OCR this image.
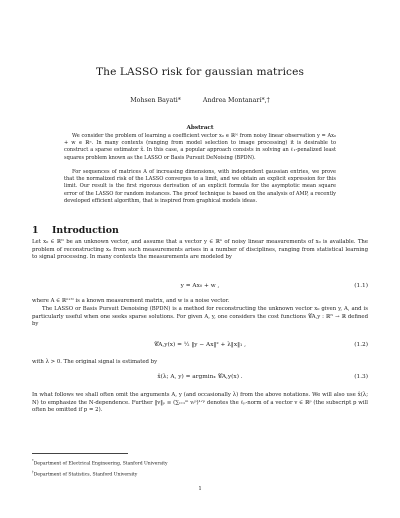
The LASSO risk for gaussian matrices
Mohsen Bayati*	Andrea Montanari*,†
Abstract
We consider the problem of learning a coefficient vector x₀ ∈ ℝᴺ from noisy linear observation y = Ax₀ + w ∈ ℝⁿ. In many contexts (ranging from model selection to image processing) it is desirable to construct a sparse estimator x̂. In this case, a popular approach consists in solving an ℓ₁-penalized least squares problem known as the LASSO or Basis Pursuit DeNoising (BPDN).
For sequences of matrices A of increasing dimensions, with independent gaussian entries, we prove that the normalized risk of the LASSO converges to a limit, and we obtain an explicit expression for this limit. Our result is the first rigorous derivation of an explicit formula for the asymptotic mean square error of the LASSO for random instances. The proof technique is based on the analysis of AMP, a recently developed efficient algorithm, that is inspired from graphical models ideas.
1 Introduction
Let x₀ ∈ ℝᴺ be an unknown vector, and assume that a vector y ∈ ℝⁿ of noisy linear measurements of x₀ is available. The problem of reconstructing x₀ from such measurements arises in a number of disciplines, ranging from statistical learning to signal processing. In many contexts the measurements are modeled by
y = Ax₀ + w ,	(1.1)
where A ∈ ℝⁿˣᴺ is a known measurement matrix, and w is a noise vector.
The LASSO or Basis Pursuit Denoising (BPDN) is a method for reconstructing the unknown vector x₀ given y, A, and is particularly useful when one seeks sparse solutions. For given A, y, one considers the cost functions 𝒞A,y : ℝᴺ → ℝ defined by
𝒞A,y(x) = ½ ‖y − Ax‖² + λ‖x‖₁ ,	(1.2)
with λ > 0. The original signal is estimated by
x̂(λ; A, y) = argminₓ 𝒞A,y(x) .	(1.3)
In what follows we shall often omit the arguments A, y (and occasionally λ) from the above notations. We will also use x̂(λ; N) to emphasize the N-dependence. Further ‖v‖ₚ ≡ (∑ᵢ₌₁ᵐ vᵢᵖ)¹ᐟᵖ denotes the ℓₚ-norm of a vector v ∈ ℝᵖ (the subscript p will often be omitted if p = 2).
*Department of Electrical Engineering, Stanford University
†Department of Statistics, Stanford University
1
